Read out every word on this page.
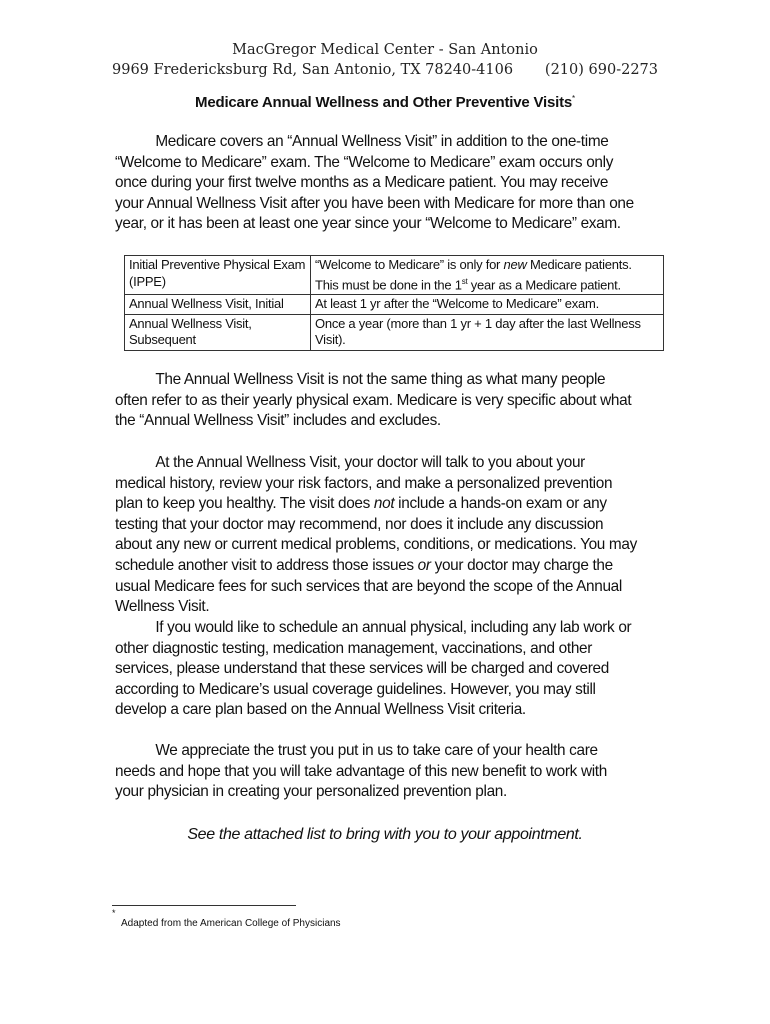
MacGregor Medical Center - San Antonio
9969 Fredericksburg Rd, San Antonio, TX 78240-4106 (210) 690-2273
Medicare Annual Wellness and Other Preventive Visits*

Medicare covers an “Annual Wellness Visit” in addition to the one-time “Welcome to Medicare” exam. The “Welcome to Medicare” exam occurs only once during your first twelve months as a Medicare patient. You may receive your Annual Wellness Visit after you have been with Medicare for more than one year, or it has been at least one year since your “Welcome to Medicare” exam.

Initial Preventive Physical Exam (IPPE)	“Welcome to Medicare” is only for new Medicare patients.
This must be done in the 1st year as a Medicare patient.
Annual Wellness Visit, Initial	At least 1 yr after the “Welcome to Medicare” exam.
Annual Wellness Visit, Subsequent	Once a year (more than 1 yr + 1 day after the last Wellness Visit).

The Annual Wellness Visit is not the same thing as what many people often refer to as their yearly physical exam. Medicare is very specific about what the “Annual Wellness Visit” includes and excludes.

At the Annual Wellness Visit, your doctor will talk to you about your medical history, review your risk factors, and make a personalized prevention plan to keep you healthy. The visit does not include a hands-on exam or any testing that your doctor may recommend, nor does it include any discussion about any new or current medical problems, conditions, or medications. You may schedule another visit to address those issues or your doctor may charge the usual Medicare fees for such services that are beyond the scope of the Annual Wellness Visit.

If you would like to schedule an annual physical, including any lab work or other diagnostic testing, medication management, vaccinations, and other services, please understand that these services will be charged and covered according to Medicare’s usual coverage guidelines. However, you may still develop a care plan based on the Annual Wellness Visit criteria.

We appreciate the trust you put in us to take care of your health care needs and hope that you will take advantage of this new benefit to work with your physician in creating your personalized prevention plan.

See the attached list to bring with you to your appointment.
*
Adapted from the American College of Physicians
